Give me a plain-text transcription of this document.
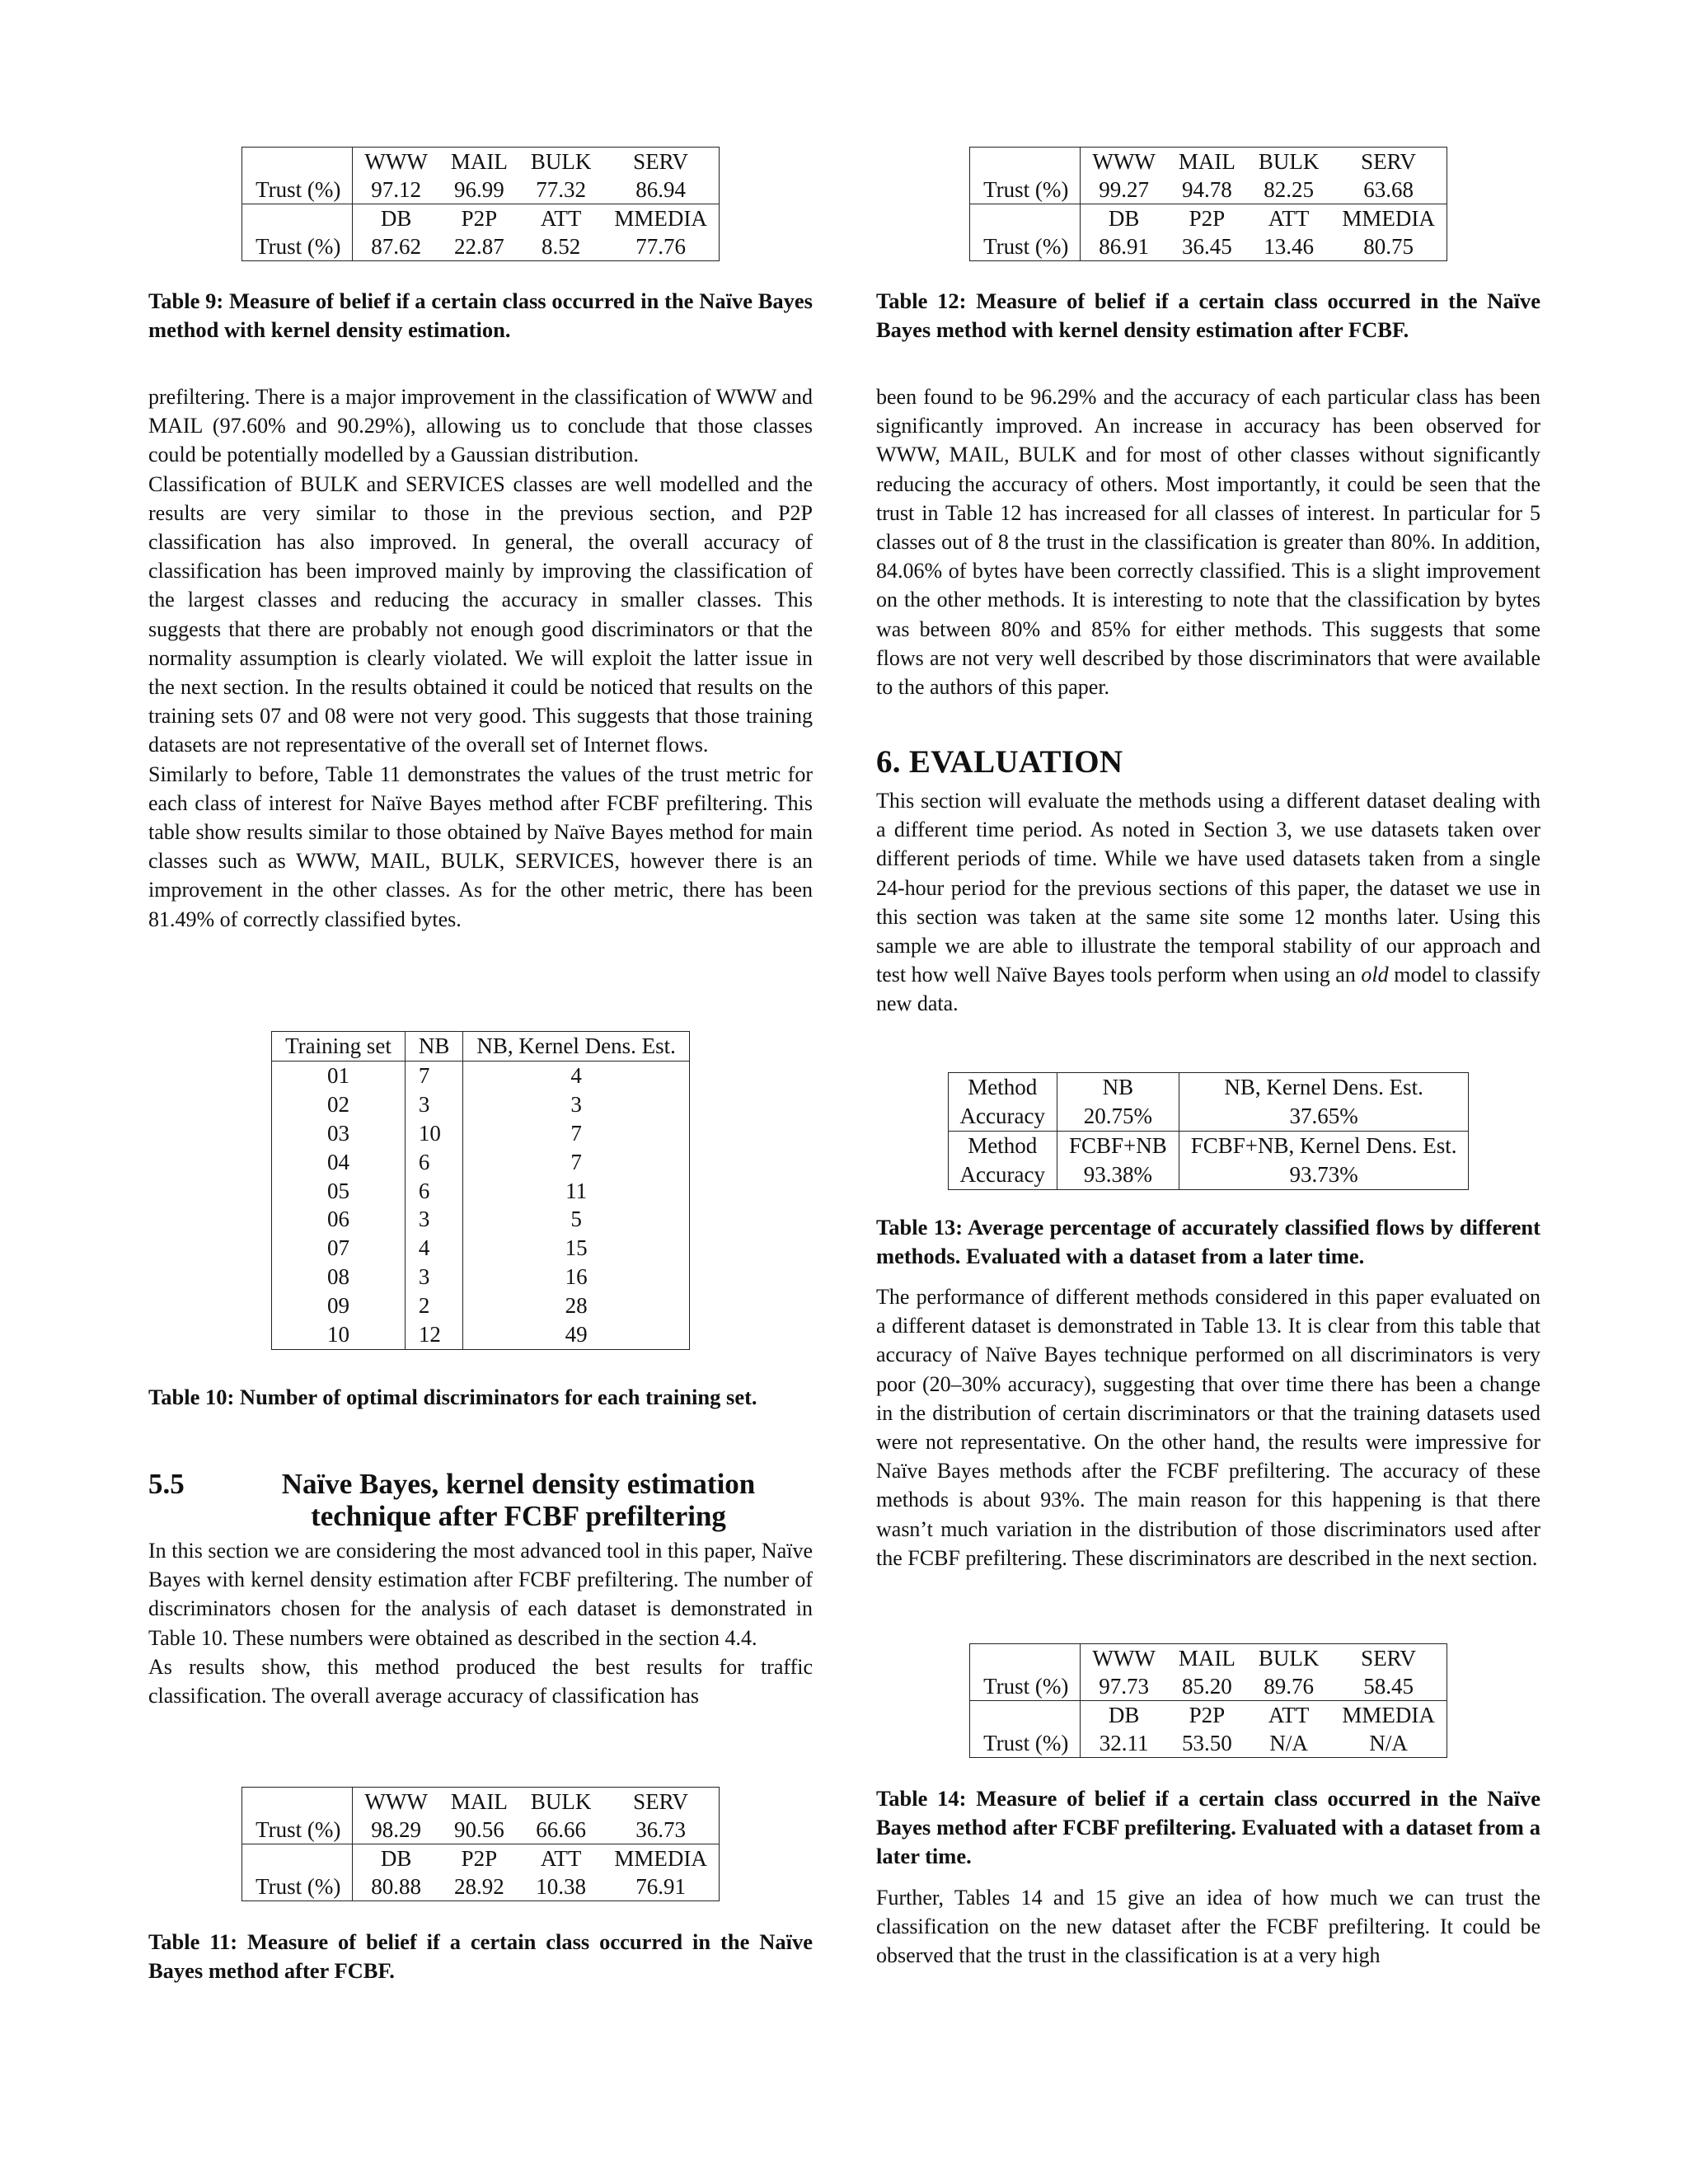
	WWW	MAIL	BULK	SERV
Trust (%)	97.12	96.99	77.32	86.94
	DB	P2P	ATT	MMEDIA
Trust (%)	87.62	22.87	8.52	77.76

Table 9: Measure of belief if a certain class occurred in the Naïve Bayes method with kernel density estimation.

prefiltering. There is a major improvement in the classification of WWW and MAIL (97.60% and 90.29%), allowing us to conclude that those classes could be potentially modelled by a Gaussian distribution.

Classification of BULK and SERVICES classes are well modelled and the results are very similar to those in the previous section, and P2P classification has also improved. In general, the overall accuracy of classification has been improved mainly by improving the classification of the largest classes and reducing the accuracy in smaller classes. This suggests that there are probably not enough good discriminators or that the normality assumption is clearly violated. We will exploit the latter issue in the next section. In the results obtained it could be noticed that results on the training sets 07 and 08 were not very good. This suggests that those training datasets are not representative of the overall set of Internet flows.

Similarly to before, Table 11 demonstrates the values of the trust metric for each class of interest for Naïve Bayes method after FCBF prefiltering. This table show results similar to those obtained by Naïve Bayes method for main classes such as WWW, MAIL, BULK, SERVICES, however there is an improvement in the other classes. As for the other metric, there has been 81.49% of correctly classified bytes.

Training set	NB	NB, Kernel Dens. Est.
01	7	4
02	3	3
03	10	7
04	6	7
05	6	11
06	3	5
07	4	15
08	3	16
09	2	28
10	12	49

Table 10: Number of optimal discriminators for each training set.

5.5	Naïve Bayes, kernel density estimation
technique after FCBF prefiltering

In this section we are considering the most advanced tool in this paper, Naïve Bayes with kernel density estimation after FCBF prefiltering. The number of discriminators chosen for the analysis of each dataset is demonstrated in Table 10. These numbers were obtained as described in the section 4.4.

As results show, this method produced the best results for traffic classification. The overall average accuracy of classification has

	WWW	MAIL	BULK	SERV
Trust (%)	98.29	90.56	66.66	36.73
	DB	P2P	ATT	MMEDIA
Trust (%)	80.88	28.92	10.38	76.91

Table 11: Measure of belief if a certain class occurred in the Naïve Bayes method after FCBF.

	WWW	MAIL	BULK	SERV
Trust (%)	99.27	94.78	82.25	63.68
	DB	P2P	ATT	MMEDIA
Trust (%)	86.91	36.45	13.46	80.75

Table 12: Measure of belief if a certain class occurred in the Naïve Bayes method with kernel density estimation after FCBF.

been found to be 96.29% and the accuracy of each particular class has been significantly improved. An increase in accuracy has been observed for WWW, MAIL, BULK and for most of other classes without significantly reducing the accuracy of others. Most importantly, it could be seen that the trust in Table 12 has increased for all classes of interest. In particular for 5 classes out of 8 the trust in the classification is greater than 80%. In addition, 84.06% of bytes have been correctly classified. This is a slight improvement on the other methods. It is interesting to note that the classification by bytes was between 80% and 85% for either methods. This suggests that some flows are not very well described by those discriminators that were available to the authors of this paper.

6. EVALUATION

This section will evaluate the methods using a different dataset dealing with a different time period. As noted in Section 3, we use datasets taken over different periods of time. While we have used datasets taken from a single 24-hour period for the previous sections of this paper, the dataset we use in this section was taken at the same site some 12 months later. Using this sample we are able to illustrate the temporal stability of our approach and test how well Naïve Bayes tools perform when using an old model to classify new data.

Method	NB	NB, Kernel Dens. Est.
Accuracy	20.75%	37.65%
Method	FCBF+NB	FCBF+NB, Kernel Dens. Est.
Accuracy	93.38%	93.73%

Table 13: Average percentage of accurately classified flows by different methods. Evaluated with a dataset from a later time.

The performance of different methods considered in this paper evaluated on a different dataset is demonstrated in Table 13. It is clear from this table that accuracy of Naïve Bayes technique performed on all discriminators is very poor (20–30% accuracy), suggesting that over time there has been a change in the distribution of certain discriminators or that the training datasets used were not representative. On the other hand, the results were impressive for Naïve Bayes methods after the FCBF prefiltering. The accuracy of these methods is about 93%. The main reason for this happening is that there wasn’t much variation in the distribution of those discriminators used after the FCBF prefiltering. These discriminators are described in the next section.

	WWW	MAIL	BULK	SERV
Trust (%)	97.73	85.20	89.76	58.45
	DB	P2P	ATT	MMEDIA
Trust (%)	32.11	53.50	N/A	N/A

Table 14: Measure of belief if a certain class occurred in the Naïve Bayes method after FCBF prefiltering. Evaluated with a dataset from a later time.

Further, Tables 14 and 15 give an idea of how much we can trust the classification on the new dataset after the FCBF prefiltering. It could be observed that the trust in the classification is at a very high
